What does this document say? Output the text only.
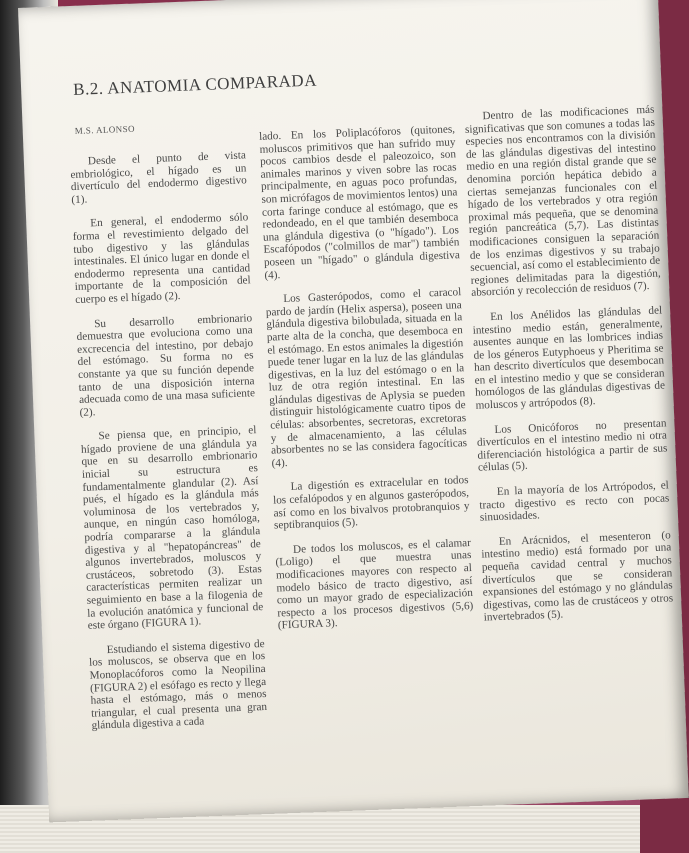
B.2. ANATOMIA COMPARADA
M.S. ALONSO

Desde el punto de vista embriológico, el hígado es un divertículo del endodermo digestivo (1).

En general, el endodermo sólo forma el revestimiento delgado del tubo digestivo y las glándulas intestinales. El único lugar en donde el endodermo representa una cantidad importante de la composición del cuerpo es el hígado (2).

Su desarrollo embrionario demuestra que evoluciona como una excrecencia del intestino, por debajo del estómago. Su forma no es constante ya que su función depende tanto de una disposición interna adecuada como de una masa suficiente (2).

Se piensa que, en principio, el hígado proviene de una glándula ya que en su desarrollo embrionario inicial su estructura es fundamentalmente glandular (2). Así pués, el hígado es la glándula más voluminosa de los vertebrados y, aunque, en ningún caso homóloga, podría compararse a la glándula digestiva y al "hepatopáncreas" de algunos invertebrados, moluscos y crustáceos, sobretodo (3). Estas características permiten realizar un seguimiento en base a la filogenia de la evolución anatómica y funcional de este órgano (FIGURA 1).

Estudiando el sistema digestivo de los moluscos, se observa que en los Monoplacóforos como la Neopilina (FIGURA 2) el esófago es recto y llega hasta el estómago, más o menos triangular, el cual presenta una gran glándula digestiva a cada

lado. En los Poliplacóforos (quitones, moluscos primitivos que han sufrido muy pocos cambios desde el paleozoico, son animales marinos y viven sobre las rocas principalmente, en aguas poco profundas, son micrófagos de movimientos lentos) una corta faringe conduce al estómago, que es redondeado, en el que también desemboca una glándula digestiva (o "hígado"). Los Escafópodos ("colmillos de mar") también poseen un "hígado" o glándula digestiva (4).

Los Gasterópodos, como el caracol pardo de jardín (Helix aspersa), poseen una glándula digestiva bilobulada, situada en la parte alta de la concha, que desemboca en el estómago. En estos animales la digestión puede tener lugar en la luz de las glándulas digestivas, en la luz del estómago o en la luz de otra región intestinal. En las glándulas digestivas de Aplysia se pueden distinguir histológicamente cuatro tipos de células: absorbentes, secretoras, excretoras y de almacenamiento, a las células absorbentes no se las considera fagocíticas (4).

La digestión es extracelular en todos los cefalópodos y en algunos gasterópodos, así como en los bivalvos protobranquios y septibranquios (5).

De todos los moluscos, es el calamar (Loligo) el que muestra unas modificaciones mayores con respecto al modelo básico de tracto digestivo, así como un mayor grado de especialización respecto a los procesos digestivos (5,6) (FIGURA 3).

Dentro de las modificaciones más significativas que son comunes a todas las especies nos encontramos con la división de las glándulas digestivas del intestino medio en una región distal grande que se denomina porción hepática debido a ciertas semejanzas funcionales con el hígado de los vertebrados y otra región proximal más pequeña, que se denomina región pancreática (5,7). Las distintas modificaciones consiguen la separación de los enzimas digestivos y su trabajo secuencial, así como el establecimiento de regiones delimitadas para la digestión, absorción y recolección de residuos (7).

En los Anélidos las glándulas del intestino medio están, generalmente, ausentes aunque en las lombrices indias de los géneros Eutyphoeus y Pheritima se han descrito divertículos que desembocan en el intestino medio y que se consideran homólogos de las glándulas digestivas de moluscos y artrópodos (8).

Los Onicóforos no presentan divertículos en el intestino medio ni otra diferenciación histológica a partir de sus células (5).

En la mayoría de los Artrópodos, el tracto digestivo es recto con pocas sinuosidades.

En Arácnidos, el mesenteron (o intestino medio) está formado por una pequeña cavidad central y muchos divertículos que se consideran expansiones del estómago y no glándulas digestivas, como las de crustáceos y otros invertebrados (5).
